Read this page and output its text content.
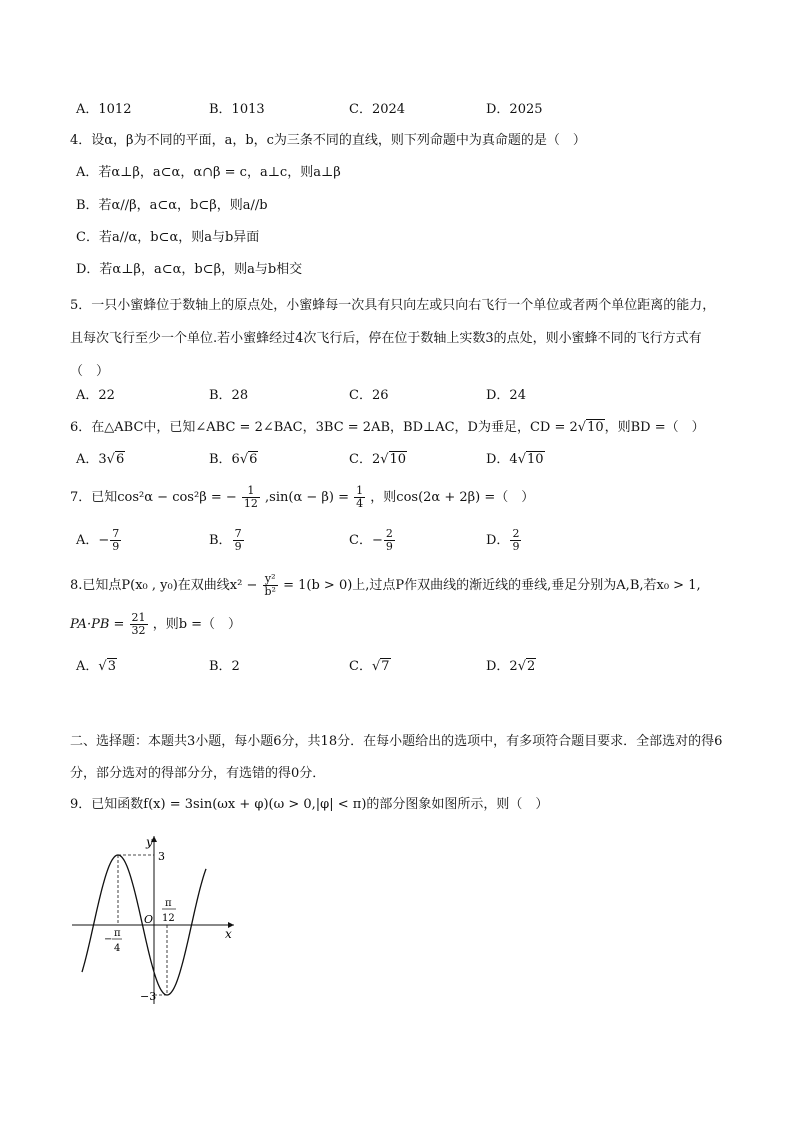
A．1012	B．1013	C．2024	D．2025
4．设α，β为不同的平面，a，b，c为三条不同的直线，则下列命题中为真命题的是（　）
A．若α⊥β，a⊂α，α∩β = c，a⊥c，则a⊥β
B．若α//β，a⊂α，b⊂β，则a//b
C．若a//α，b⊂α，则a与b异面
D．若α⊥β，a⊂α，b⊂β，则a与b相交
5．一只小蜜蜂位于数轴上的原点处，小蜜蜂每一次具有只向左或只向右飞行一个单位或者两个单位距离的能力，且每次飞行至少一个单位.若小蜜蜂经过4次飞行后，停在位于数轴上实数3的点处，则小蜜蜂不同的飞行方式有（　）
A．22	B．28	C．26	D．24
6．在△ABC中，已知∠ABC = 2∠BAC，3BC = 2AB，BD⊥AC，D为垂足，CD = 2√10，则BD =（　）
A．3√6	B．6√6	C．2√10	D．4√10
7．已知cos²α − cos²β = − $\frac{1}{12} ,\sin(\alpha - \beta) = \frac{1}{4}$ ，则cos(2α + 2β) =（　）
A．− $\frac{7}{9}$	B． $\frac{7}{9}$	C．− $\frac{2}{9}$	D． $\frac{2}{9}$
8.已知点P(x₀ , y₀)在双曲线$x^2 - \frac{\text{y²}}{\text{b²}} = 1(b > 0)$上,过点P作双曲线的渐近线的垂线,垂足分别为A,B,若x₀ > 1,
$PA\cdot PB = \frac{21}{32}$ ，则b =（　）
A．√3	B．2	C．√7	D．2√2
二、选择题：本题共3小题，每小题6分，共18分．在每小题给出的选项中，有多项符合题目要求．全部选对的得6分，部分选对的得部分分，有选错的得0分．
9．已知函数f(x) = 3sin(ωx + φ)(ω > 0,|φ| < π)的部分图象如图所示，则（　）
y
x
O
3
−3
−
π
4
π
12
